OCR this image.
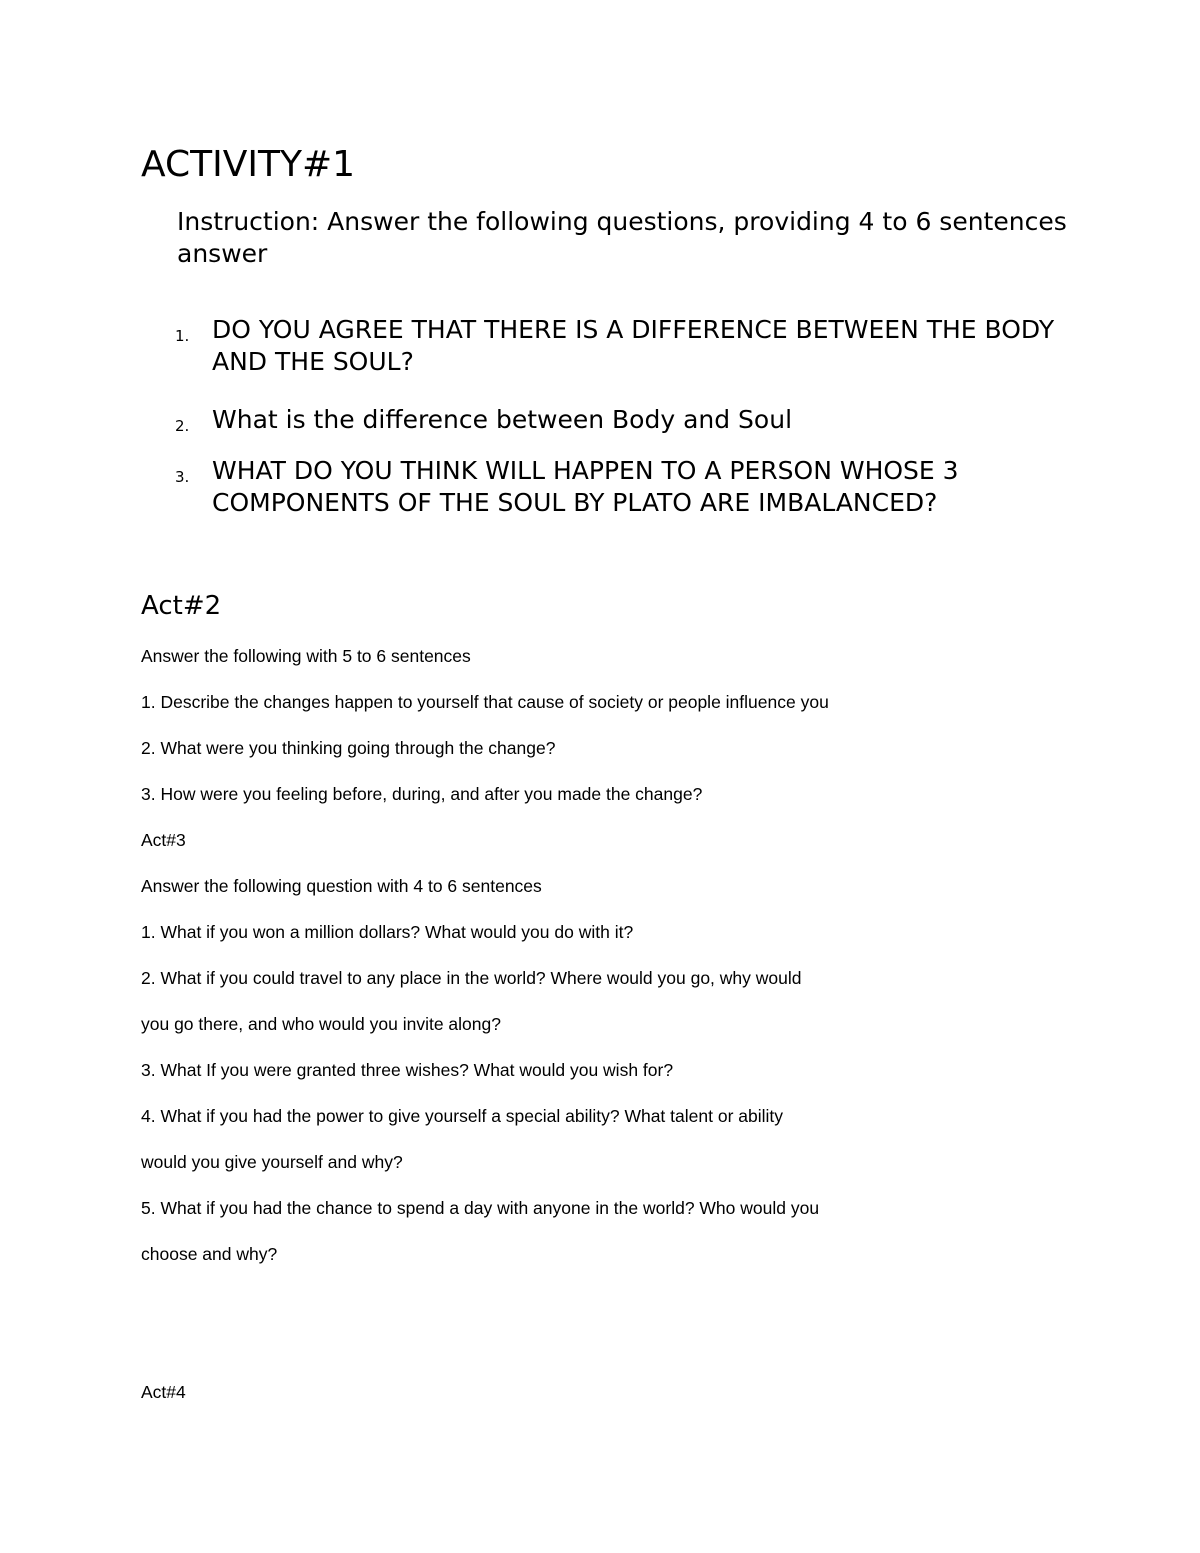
ACTIVITY#1

Instruction: Answer the following questions, providing 4 to 6 sentences answer

1. DO YOU AGREE THAT THERE IS A DIFFERENCE BETWEEN THE BODY AND THE SOUL?
2. What is the difference between Body and Soul
3. WHAT DO YOU THINK WILL HAPPEN TO A PERSON WHOSE 3 COMPONENTS OF THE SOUL BY PLATO ARE IMBALANCED?
Act#2
Answer the following with 5 to 6 sentences
1. Describe the changes happen to yourself that cause of society or people influence you
2. What were you thinking going through the change?
3. How were you feeling before, during, and after you made the change?
Act#3
Answer the following question with 4 to 6 sentences
1. What if you won a million dollars? What would you do with it?
2. What if you could travel to any place in the world? Where would you go, why would
you go there, and who would you invite along?
3. What If you were granted three wishes? What would you wish for?
4. What if you had the power to give yourself a special ability? What talent or ability
would you give yourself and why?
5. What if you had the chance to spend a day with anyone in the world? Who would you
choose and why?
Act#4
